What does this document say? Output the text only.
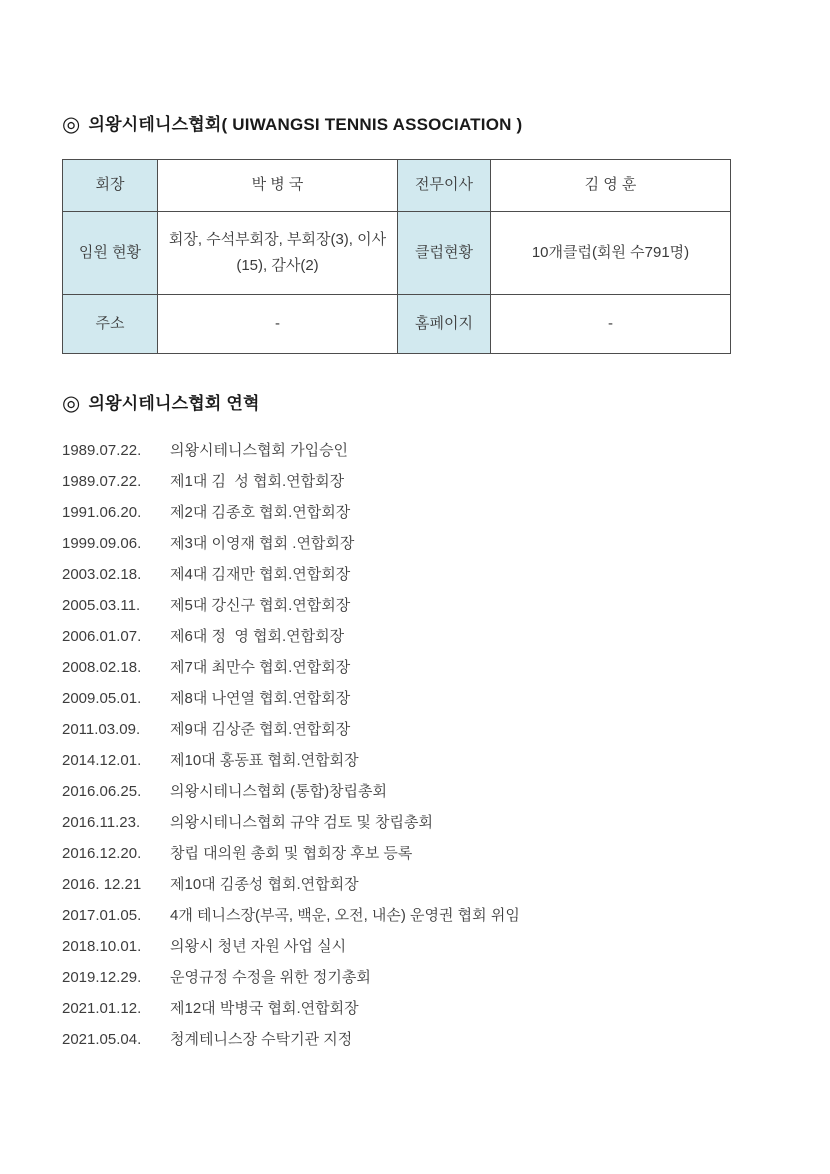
◎ 의왕시테니스협회( UIWANGSI TENNIS ASSOCIATION )
회장	박 병 국	전무이사	김 영 훈
임원 현황	회장, 수석부회장, 부회장(3), 이사(15), 감사(2)	클럽현황	10개클럽(회원 수791명)
주소	-	홈페이지	-
◎ 의왕시테니스협회 연혁
1989.07.22.	의왕시테니스협회 가입승인
1989.07.22.	제1대 김  성 협회.연합회장
1991.06.20.	제2대 김종호 협회.연합회장
1999.09.06.	제3대 이영재 협회 .연합회장
2003.02.18.	제4대 김재만 협회.연합회장
2005.03.11.	제5대 강신구 협회.연합회장
2006.01.07.	제6대 정  영 협회.연합회장
2008.02.18.	제7대 최만수 협회.연합회장
2009.05.01.	제8대 나연열 협회.연합회장
2011.03.09.	제9대 김상준 협회.연합회장
2014.12.01.	제10대 홍동표 협회.연합회장
2016.06.25.	의왕시테니스협회 (통합)창립총회
2016.11.23.	의왕시테니스협회 규약 검토 및 창립총회
2016.12.20.	창립 대의원 총회 및 협회장 후보 등록
2016. 12.21	제10대 김종성 협회.연합회장
2017.01.05.	4개 테니스장(부곡, 백운, 오전, 내손) 운영권 협회 위임
2018.10.01.	의왕시 청년 자원 사업 실시
2019.12.29.	운영규정 수정을 위한 정기총회
2021.01.12.	제12대 박병국 협회.연합회장
2021.05.04.	청계테니스장 수탁기관 지정
